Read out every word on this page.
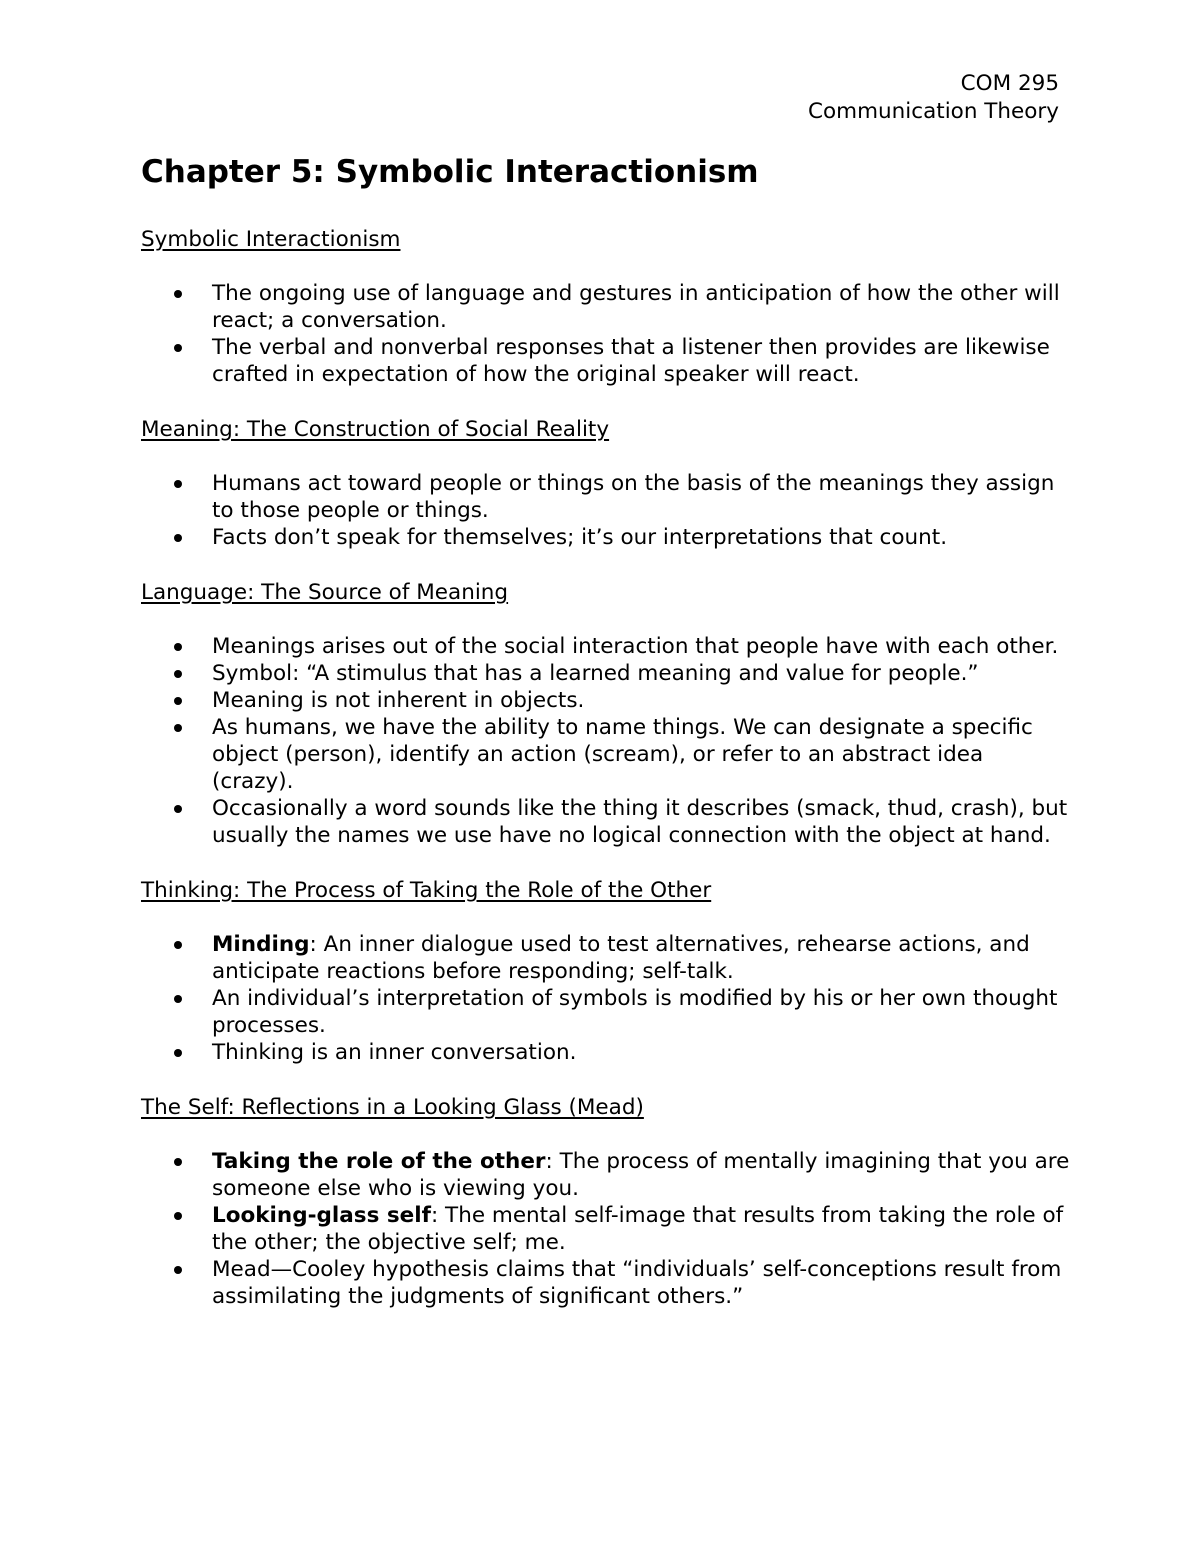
COM 295
Communication Theory
Chapter 5: Symbolic Interactionism
Symbolic Interactionism
The ongoing use of language and gestures in anticipation of how the other will react; a conversation.
The verbal and nonverbal responses that a listener then provides are likewise crafted in expectation of how the original speaker will react.
Meaning: The Construction of Social Reality
Humans act toward people or things on the basis of the meanings they assign to those people or things.
Facts don’t speak for themselves; it’s our interpretations that count.
Language: The Source of Meaning
Meanings arises out of the social interaction that people have with each other.
Symbol: “A stimulus that has a learned meaning and value for people.”
Meaning is not inherent in objects.
As humans, we have the ability to name things. We can designate a specific object (person), identify an action (scream), or refer to an abstract idea (crazy).
Occasionally a word sounds like the thing it describes (smack, thud, crash), but usually the names we use have no logical connection with the object at hand.
Thinking: The Process of Taking the Role of the Other
Minding: An inner dialogue used to test alternatives, rehearse actions, and anticipate reactions before responding; self-talk.
An individual’s interpretation of symbols is modified by his or her own thought processes.
Thinking is an inner conversation.
The Self: Reflections in a Looking Glass (Mead)
Taking the role of the other: The process of mentally imagining that you are someone else who is viewing you.
Looking-glass self: The mental self-image that results from taking the role of the other; the objective self; me.
Mead—Cooley hypothesis claims that “individuals’ self-conceptions result from assimilating the judgments of significant others.”
